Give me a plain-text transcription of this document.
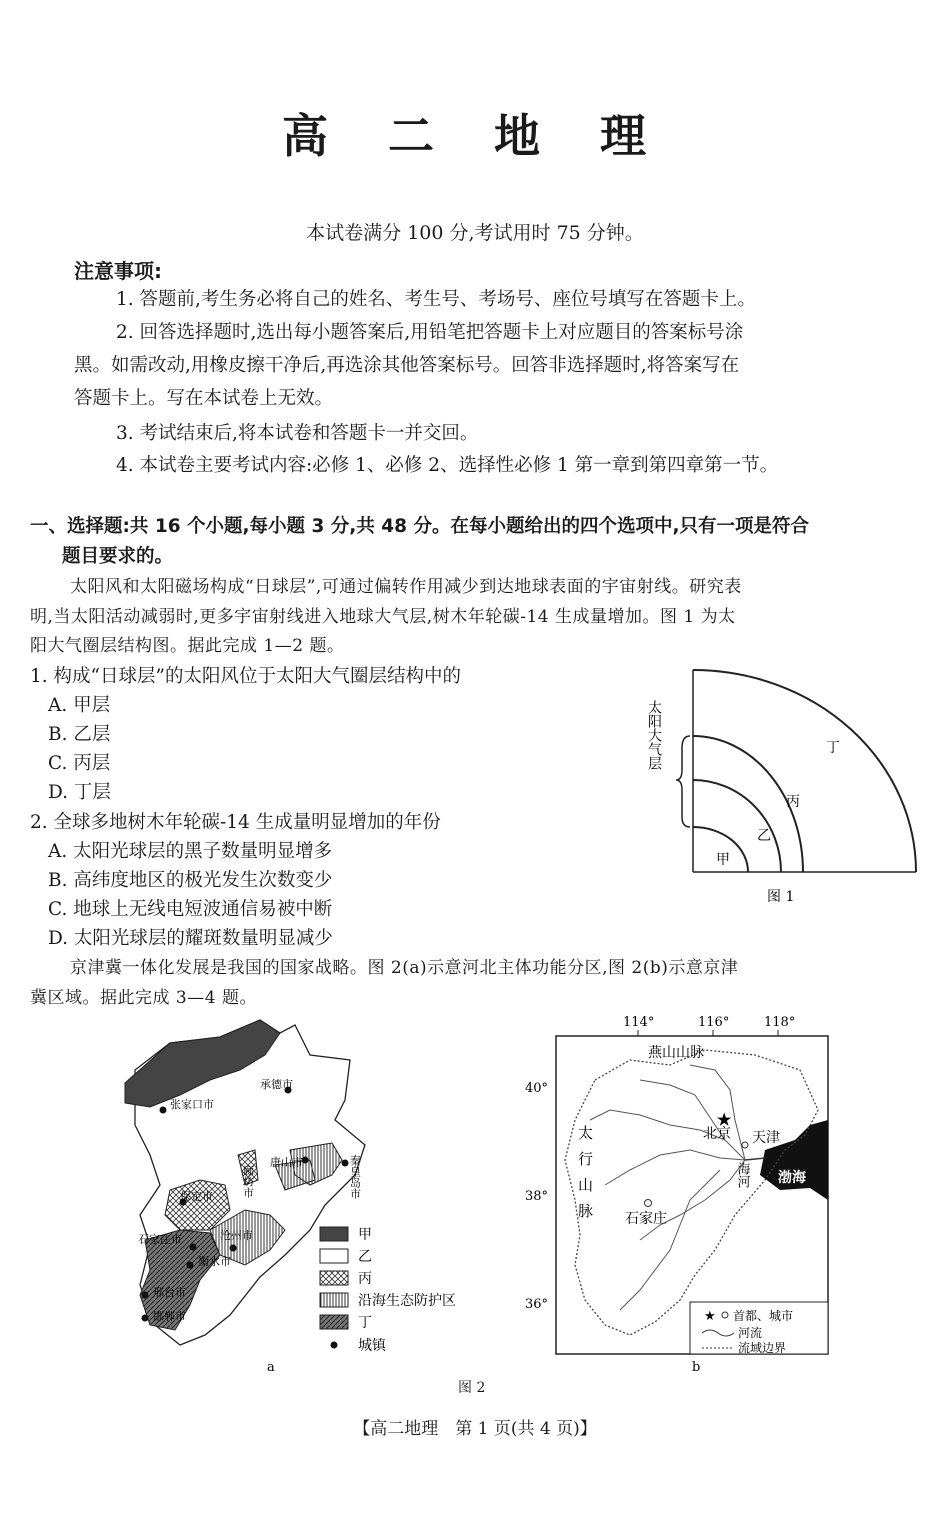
高 二 地 理
本试卷满分 100 分,考试用时 75 分钟。
注意事项:
1. 答题前,考生务必将自己的姓名、考生号、考场号、座位号填写在答题卡上。
2. 回答选择题时,选出每小题答案后,用铅笔把答题卡上对应题目的答案标号涂
黑。如需改动,用橡皮擦干净后,再选涂其他答案标号。回答非选择题时,将答案写在
答题卡上。写在本试卷上无效。
3. 考试结束后,将本试卷和答题卡一并交回。
4. 本试卷主要考试内容:必修 1、必修 2、选择性必修 1 第一章到第四章第一节。
一、选择题:共 16 个小题,每小题 3 分,共 48 分。在每小题给出的四个选项中,只有一项是符合
题目要求的。
太阳风和太阳磁场构成“日球层”,可通过偏转作用减少到达地球表面的宇宙射线。研究表
明,当太阳活动减弱时,更多宇宙射线进入地球大气层,树木年轮碳-14 生成量增加。图 1 为太
阳大气圈层结构图。据此完成 1—2 题。
1. 构成“日球层”的太阳风位于太阳大气圈层结构中的
A. 甲层
B. 乙层
C. 丙层
D. 丁层
2. 全球多地树木年轮碳-14 生成量明显增加的年份
A. 太阳光球层的黑子数量明显增多
B. 高纬度地区的极光发生次数变少
C. 地球上无线电短波通信易被中断
D. 太阳光球层的耀斑数量明显减少
太阳大气层
甲
乙
丙
丁
图 1
京津冀一体化发展是我国的国家战略。图 2(a)示意河北主体功能分区,图 2(b)示意京津
冀区域。据此完成 3—4 题。
张家口市
承德市
唐山市	秦皇岛市
保定市	廊坊市
石家庄市	沧州市
衡水市
邢台市
邯郸市
甲
乙
丙
沿海生态防护区
丁
城镇
a
114°	116°	118°
40°
38°
36°
渤海
燕山山脉
★
北京 天津
海河
石家庄
太
行
山
脉
★ 首都、城市
河流
流域边界
b
图 2
【高二地理　第 1 页(共 4 页)】
